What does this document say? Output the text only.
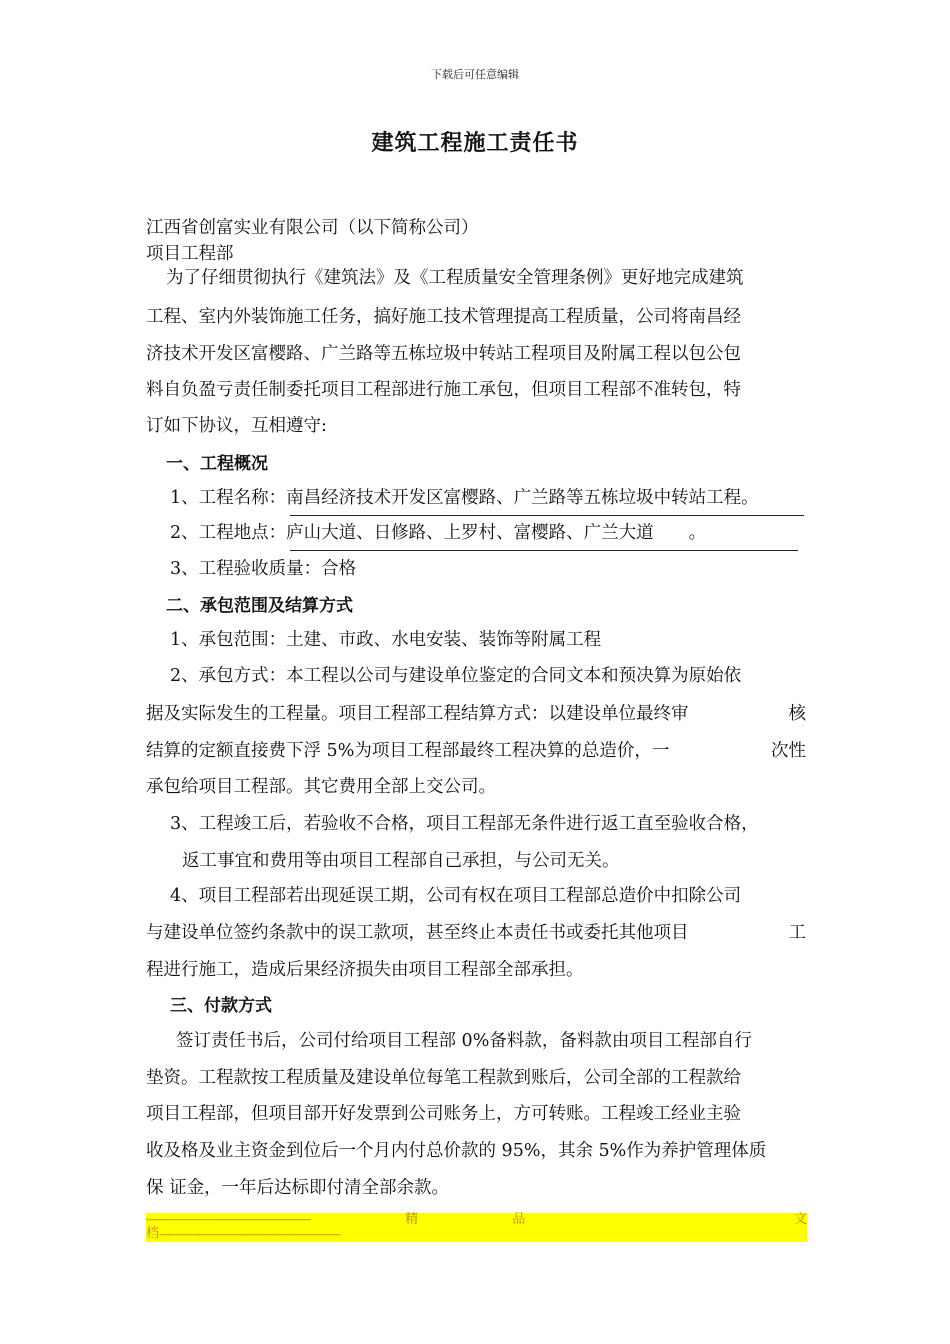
下载后可任意编辑
建筑工程施工责任书
江西省创富实业有限公司（以下简称公司）
项目工程部
为了仔细贯彻执行《建筑法》及《工程质量安全管理条例》更好地完成建筑
工程、室内外装饰施工任务，搞好施工技术管理提高工程质量，公司将南昌经
济技术开发区富樱路、广兰路等五栋垃圾中转站工程项目及附属工程以包公包
料自负盈亏责任制委托项目工程部进行施工承包，但项目工程部不准转包，特
订如下协议，互相遵守:
一、工程概况
1、工程名称：南昌经济技术开发区富樱路、广兰路等五栋垃圾中转站工程。
2、工程地点：庐山大道、日修路、上罗村、富樱路、广兰大道　　。
3、工程验收质量：合格
二、承包范围及结算方式
1、承包范围：土建、市政、水电安装、装饰等附属工程
2、承包方式：本工程以公司与建设单位鉴定的合同文本和预决算为原始依
据及实际发生的工程量。项目工程部工程结算方式：以建设单位最终审	核
结算的定额直接费下浮 5%为项目工程部最终工程决算的总造价，一	次性
承包给项目工程部。其它费用全部上交公司。
3、工程竣工后，若验收不合格，项目工程部无条件进行返工直至验收合格，
返工事宜和费用等由项目工程部自己承担，与公司无关。
4、项目工程部若出现延误工期，公司有权在项目工程部总造价中扣除公司
与建设单位签约条款中的误工款项，甚至终止本责任书或委托其他项目	工
程进行施工，造成后果经济损失由项目工程部全部承担。
三、付款方式
签订责任书后，公司付给项目工程部 0%备料款，备料款由项目工程部自行
垫资。工程款按工程质量及建设单位每笔工程款到账后，公司全部的工程款给
项目工程部，但项目部开好发票到公司账务上，方可转账。工程竣工经业主验
收及格及业主资金到位后一个月内付总价款的 95%，其余 5%作为养护管理体质
保 证金，一年后达标即付清全部余款。
------------------------------------------------------------	精	品	文
档------------------------------------------------------------------
